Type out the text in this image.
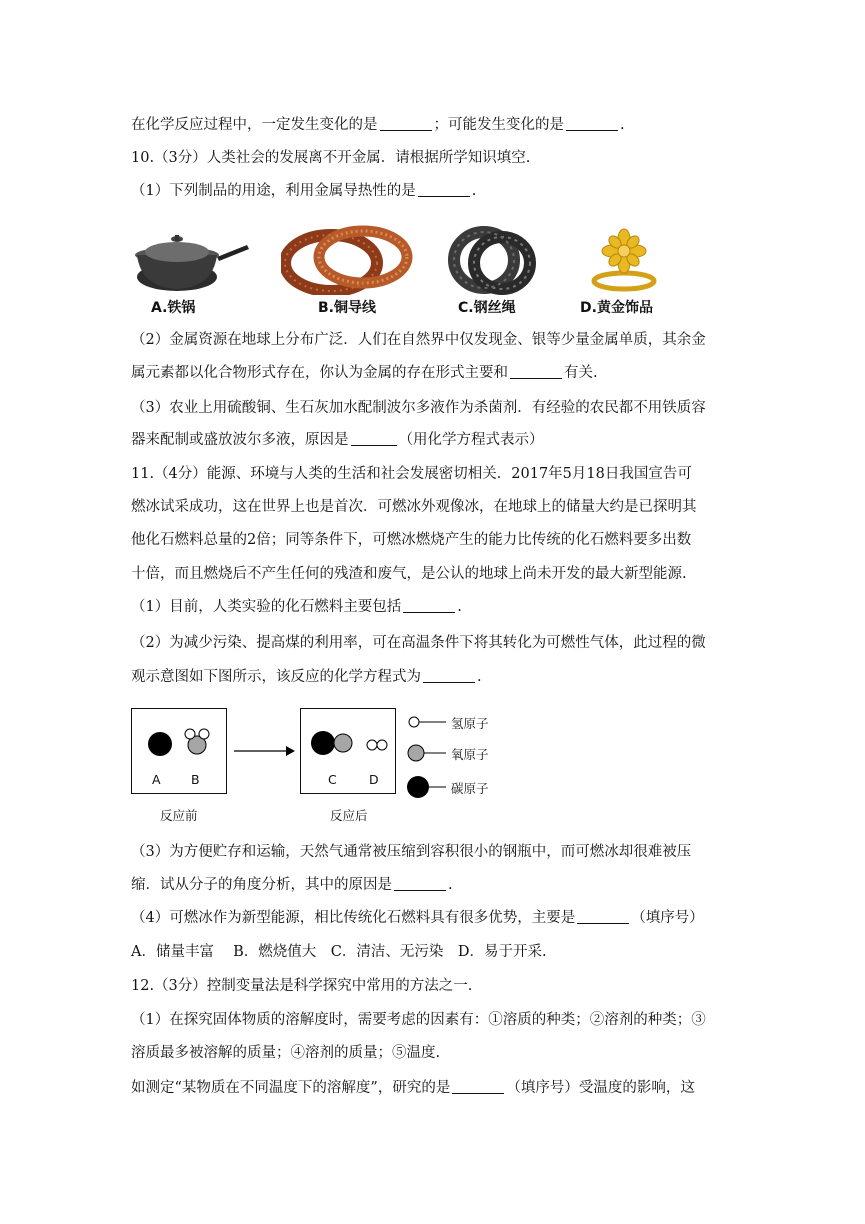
在化学反应过程中，一定发生变化的是	；可能发生变化的是	.
10.（3分）人类社会的发展离不开金属．请根据所学知识填空.
（1）下列制品的用途，利用金属导热性的是	.
A.铁锅	B.铜导线	C.钢丝绳	D.黄金饰品
（2）金属资源在地球上分布广泛．人们在自然界中仅发现金、银等少量金属单质，其余金
属元素都以化合物形式存在，你认为金属的存在形式主要和	有关.
（3）农业上用硫酸铜、生石灰加水配制波尔多液作为杀菌剂．有经验的农民都不用铁质容
器来配制或盛放波尔多液，原因是	（用化学方程式表示）
11.（4分）能源、环境与人类的生活和社会发展密切相关．2017年5月18日我国宣告可
燃冰试采成功，这在世界上也是首次．可燃冰外观像冰，在地球上的储量大约是已探明其
他化石燃料总量的2倍；同等条件下，可燃冰燃烧产生的能力比传统的化石燃料要多出数
十倍，而且燃烧后不产生任何的残渣和废气，是公认的地球上尚未开发的最大新型能源.
（1）目前，人类实验的化石燃料主要包括	.
（2）为减少污染、提高煤的利用率，可在高温条件下将其转化为可燃性气体，此过程的微
观示意图如下图所示，该反应的化学方程式为	.
A B	C	D
反应前	反应后
氢原子
氧原子
碳原子
（3）为方便贮存和运输，天然气通常被压缩到容积很小的钢瓶中，而可燃冰却很难被压
缩．试从分子的角度分析，其中的原因是	.
（4）可燃冰作为新型能源，相比传统化石燃料具有很多优势，主要是	（填序号）
A．储量丰富　 B．燃烧值大　C．清洁、无污染　D．易于开采.
12.（3分）控制变量法是科学探究中常用的方法之一.
（1）在探究固体物质的溶解度时，需要考虑的因素有：①溶质的种类；②溶剂的种类；③
溶质最多被溶解的质量；④溶剂的质量；⑤温度.
如测定“某物质在不同温度下的溶解度”，研究的是	（填序号）受温度的影响，这
